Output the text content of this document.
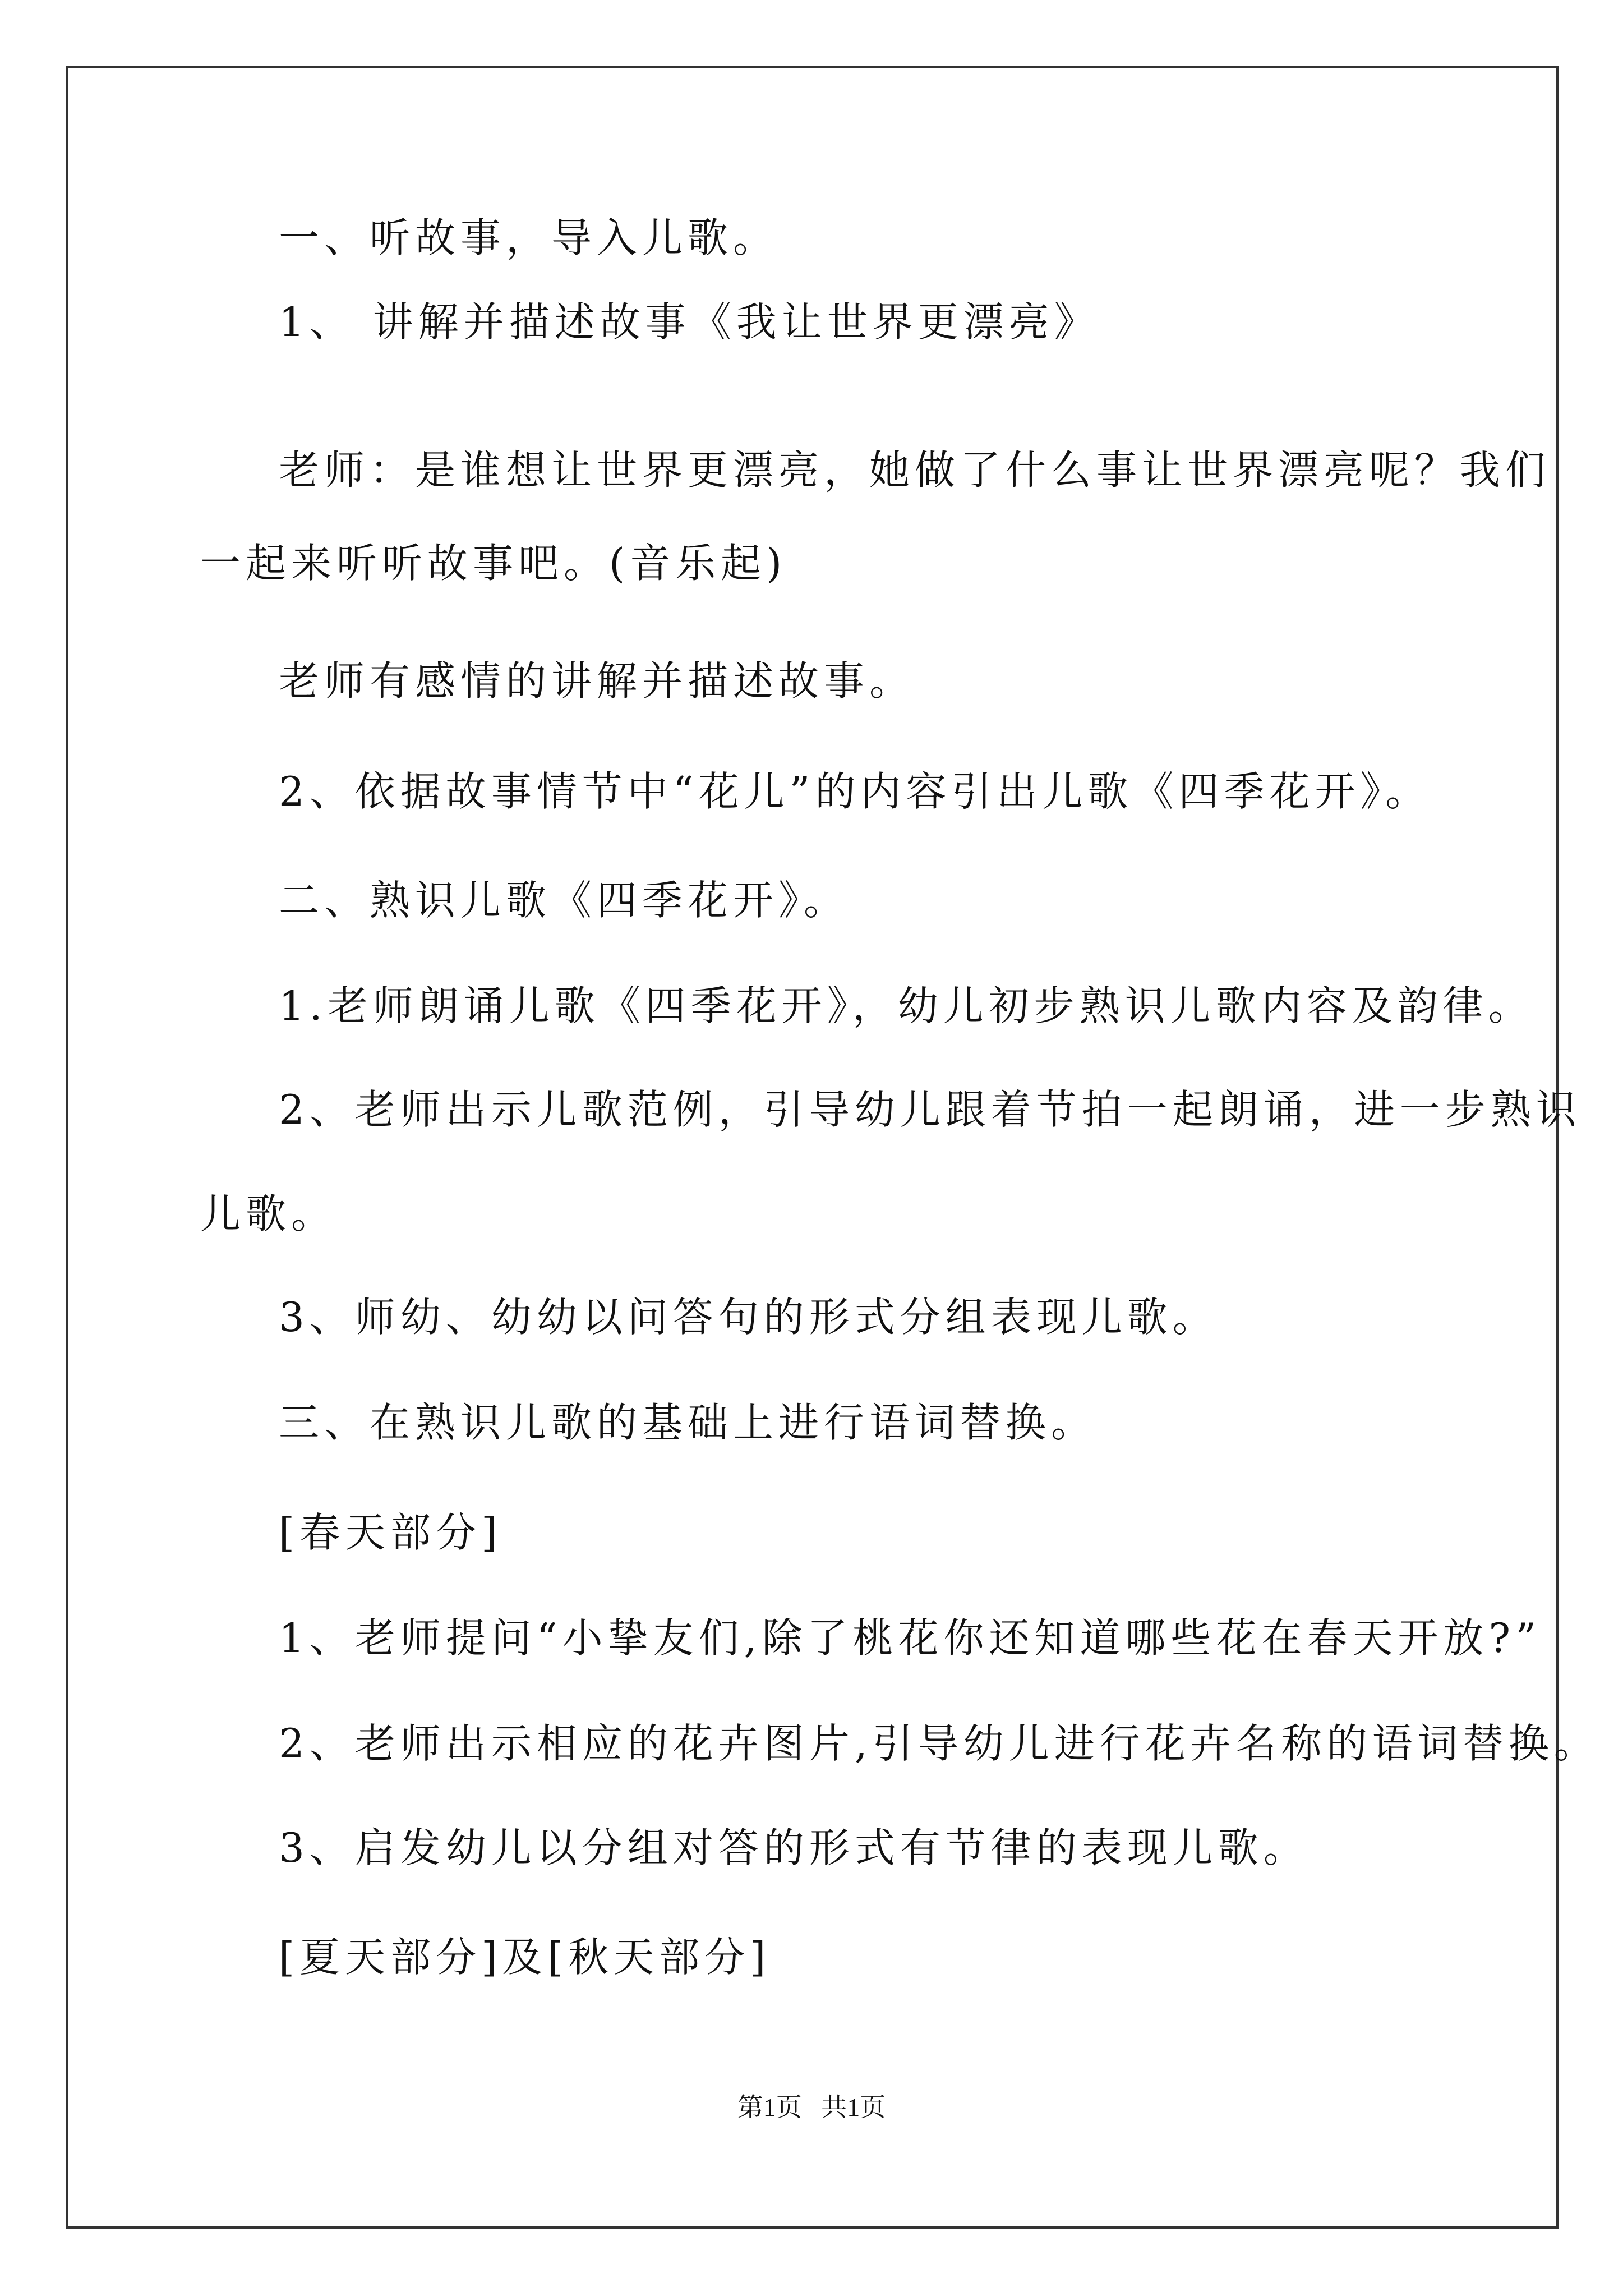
一、听故事，导入儿歌。
1、 讲解并描述故事《我让世界更漂亮》
老师：是谁想让世界更漂亮，她做了什么事让世界漂亮呢？我们
一起来听听故事吧。(音乐起)
老师有感情的讲解并描述故事。
2、依据故事情节中“花儿”的内容引出儿歌《四季花开》。
二、熟识儿歌《四季花开》。
1.老师朗诵儿歌《四季花开》，幼儿初步熟识儿歌内容及韵律。
2、老师出示儿歌范例，引导幼儿跟着节拍一起朗诵，进一步熟识
儿歌。
3、师幼、幼幼以问答句的形式分组表现儿歌。
三、在熟识儿歌的基础上进行语词替换。
[春天部分]
1、老师提问“小挚友们,除了桃花你还知道哪些花在春天开放?”
2、老师出示相应的花卉图片,引导幼儿进行花卉名称的语词替换。
3、启发幼儿以分组对答的形式有节律的表现儿歌。
[夏天部分]及[秋天部分]
第1页   共1页
